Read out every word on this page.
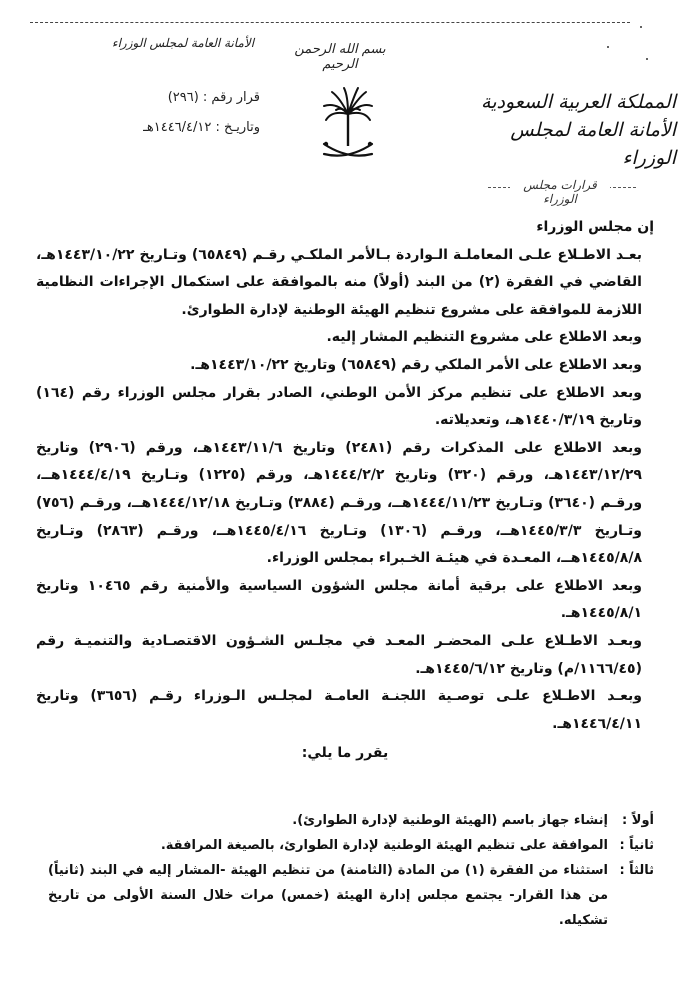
الأمانة العامة لمجلس الوزراء
قرار رقم : (٢٩٦)
وتاريـخ : ١٤٤٦/٤/١٢هـ
بسم الله الرحمن الرحيم
المملكة العربية السعودية
الأمانة العامة لمجلس الوزراء
قرارات مجلس الوزراء

إن مجلس الوزراء

بعـد الاطـلاع علـى المعاملـة الـواردة بـالأمر الملكـي رقـم (٦٥٨٤٩) وتـاريخ ١٤٤٣/١٠/٢٢هـ، القاضي في الفقرة (٢) من البند (أولاً) منه بالموافقة على استكمال الإجراءات النظامية اللازمة للموافقة على مشروع تنظيم الهيئة الوطنية لإدارة الطوارئ.

وبعد الاطلاع على مشروع التنظيم المشار إليه.

وبعد الاطلاع على الأمر الملكي رقم (٦٥٨٤٩) وتاريخ ١٤٤٣/١٠/٢٢هـ.

وبعد الاطلاع على تنظيم مركز الأمن الوطني، الصادر بقرار مجلس الوزراء رقم (١٦٤) وتاريخ ١٤٤٠/٣/١٩هـ، وتعديلاته.

وبعد الاطلاع على المذكرات رقم (٢٤٨١) وتاريخ ١٤٤٣/١١/٦هـ، ورقم (٢٩٠٦) وتاريخ ١٤٤٣/١٢/٢٩هـ، ورقم (٣٢٠) وتاريخ ١٤٤٤/٢/٢هـ، ورقم (١٢٢٥) وتـاريخ ١٤٤٤/٤/١٩هــ، ورقـم (٣٦٤٠) وتـاريخ ١٤٤٤/١١/٢٣هــ، ورقـم (٣٨٨٤) وتـاريخ ١٤٤٤/١٢/١٨هــ، ورقـم (٧٥٦) وتـاريخ ١٤٤٥/٣/٣هــ، ورقـم (١٣٠٦) وتـاريخ ١٤٤٥/٤/١٦هــ، ورقـم (٢٨٦٣) وتـاريخ ١٤٤٥/٨/٨هــ، المعـدة في هيئـة الخـبراء بمجلس الوزراء.

وبعد الاطلاع على برقية أمانة مجلس الشؤون السياسية والأمنية رقم ١٠٤٦٥ وتاريخ ١٤٤٥/٨/١هـ.

وبعـد الاطـلاع علـى المحضـر المعـد في مجلـس الشـؤون الاقتصـادية والتنميـة رقم (١١٦٦/٤٥/م) وتاريخ ١٤٤٥/٦/١٢هـ.

وبعـد الاطـلاع علـى توصـية اللجنـة العامـة لمجلـس الـوزراء رقـم (٣٦٥٦) وتاريخ ١٤٤٦/٤/١١هـ.

يقرر ما يلي:

أولاً :
إنشاء جهاز باسم (الهيئة الوطنية لإدارة الطوارئ).
ثانياً :
الموافقة على تنظيم الهيئة الوطنية لإدارة الطوارئ، بالصيغة المرافقة.
ثالثاً :
استثناء من الفقرة (١) من المادة (الثامنة) من تنظيم الهيئة -المشار إليه في البند (ثانياً) من هذا القرار- يجتمع مجلس إدارة الهيئة (خمس) مرات خلال السنة الأولى من تاريخ تشكيله.
